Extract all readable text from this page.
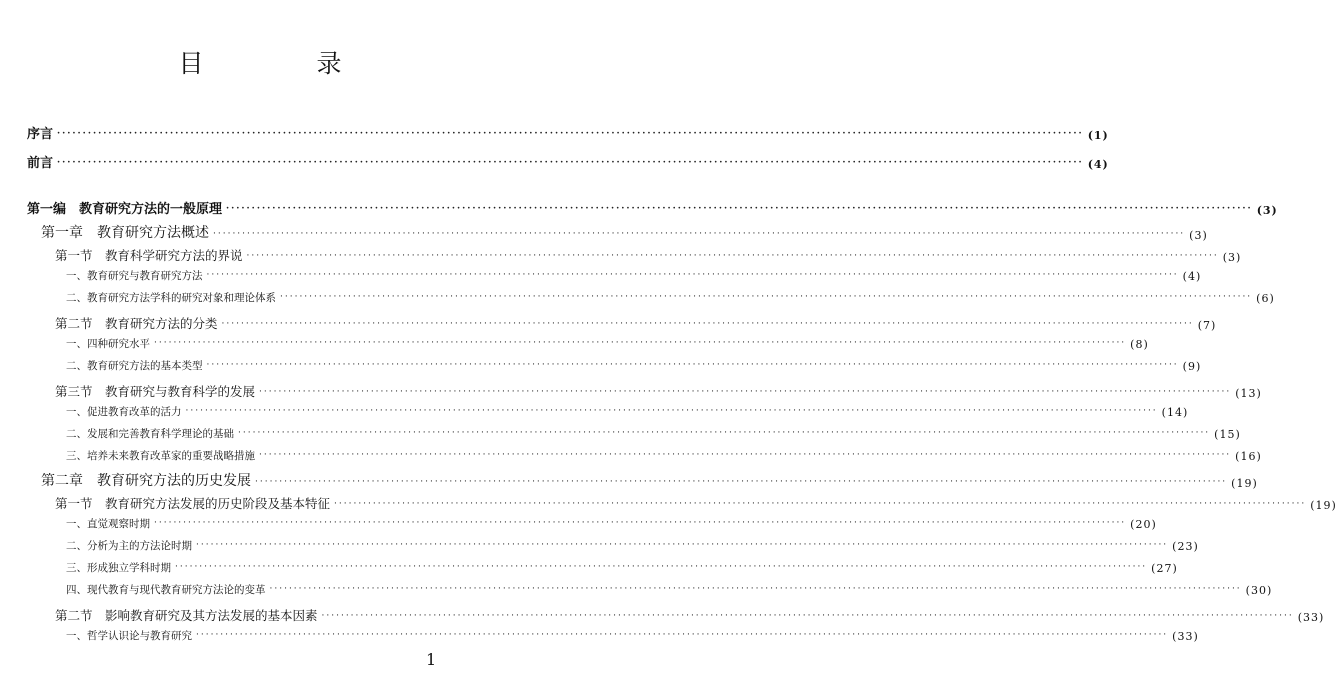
目　录
序言 ········································································································································································································ (1)
前言 ········································································································································································································ (4)
第一编　教育研究方法的一般原理 ········································································································································································································ (3)
第一章　教育研究方法概述 ········································································································································································································ (3)
第一节　教育科学研究方法的界说 ········································································································································································································ (3)
一、教育研究与教育研究方法 ········································································································································································································ (4)
二、教育研究方法学科的研究对象和理论体系 ········································································································································································································ (6)
第二节　教育研究方法的分类 ········································································································································································································ (7)
一、四种研究水平 ········································································································································································································ (8)
二、教育研究方法的基本类型 ········································································································································································································ (9)
第三节　教育研究与教育科学的发展 ········································································································································································································ (13)
一、促进教育改革的活力 ········································································································································································································ (14)
二、发展和完善教育科学理论的基础 ········································································································································································································ (15)
三、培养未来教育改革家的重要战略措施 ········································································································································································································ (16)
第二章　教育研究方法的历史发展 ········································································································································································································ (19)
第一节　教育研究方法发展的历史阶段及基本特征 ········································································································································································································ (19)
一、直觉观察时期 ········································································································································································································ (20)
二、分析为主的方法论时期 ········································································································································································································ (23)
三、形成独立学科时期 ········································································································································································································ (27)
四、现代教育与现代教育研究方法论的变革 ········································································································································································································ (30)
第二节　影响教育研究及其方法发展的基本因素 ········································································································································································································ (33)
一、哲学认识论与教育研究 ········································································································································································································ (33)
1
